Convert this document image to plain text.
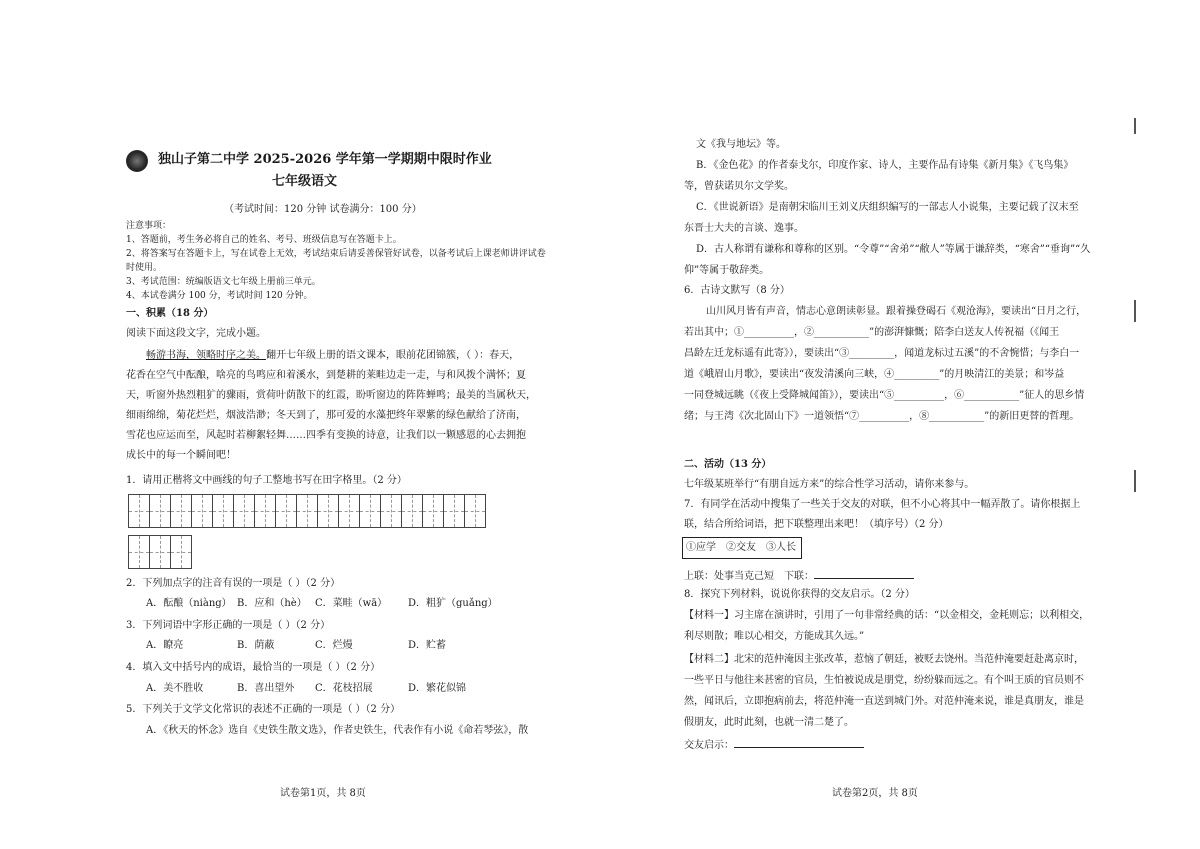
独山子第二中学 2025-2026 学年第一学期期中限时作业
七年级语文
（考试时间：120 分钟 试卷满分：100 分）
注意事项：
1、答题前，考生务必将自己的姓名、考号、班级信息写在答题卡上。
2、将答案写在答题卡上，写在试卷上无效，考试结束后请妥善保管好试卷，以备考试后上课老师讲评试卷
时使用。
3、考试范围：统编版语文七年级上册前三单元。
4、本试卷满分 100 分，考试时间 120 分钟。
一、积累（18 分）
阅读下面这段文字，完成小题。
畅游书海，领略时序之美。翻开七年级上册的语文课本，眼前花团锦簇，（ ）：春天，
花香在空气中酝酿，啥亮的鸟鸣应和着溪水，到楚耕的莱畦边走一走，与和风拨个满怀；夏
天，听窗外热烈粗犷的骤雨，赏荷叶荫散下的红霞，盼听窗边的阵阵蝉鸣；最美的当属秋天，
细雨绵绵，菊花烂烂，烟波浩渺；冬天到了，那可爱的水藻把终年翠紫的绿色献给了济南，
雪花也应运而至，风起时若柳絮轻舞……四季有变换的诗意，让我们以一颗感恩的心去拥抱
成长中的每一个瞬间吧！
1．请用正楷将文中画线的句子工整地书写在田字格里。（2 分）
2．下列加点字的注音有误的一项是（ ）（2 分）
A．酝酿（niàng） B．应和（hè） C．菜畦（wā） D．粗犷（guǎng）
3．下列词语中字形正确的一项是（ ）（2 分）
A．瞭亮	B．荫蔽	C．烂熳	D．贮蓄
4．填入文中括号内的成语，最恰当的一项是（ ）（2 分）
A．美不胜收	B．喜出望外 C．花枝招展	D．繁花似锦
5．下列关于文学文化常识的表述不正确的一项是（ ）（2 分）
A．《秋天的怀念》选自《史铁生散文选》，作者史铁生，代表作有小说《命若琴弦》，散
试卷第1页，共 8页
文《我与地坛》等。
B．《金色花》的作者泰戈尔，印度作家、诗人，主要作品有诗集《新月集》《飞鸟集》
等，曾获诺贝尔文学奖。
C．《世说新语》是南朝宋临川王刘义庆组织编写的一部志人小说集，主要记载了汉末至
东晋士大夫的言谈、逸事。
D．古人称谓有谦称和尊称的区别。“令尊”“舍弟”“敝人”等属于谦辞类，“寒舍”“垂询”“久
仰”等属于敬辞类。
6．古诗文默写（8 分）
山川风月皆有声音，情志心意朗读彰显。跟着操登碣石《观沧海》，要读出“日月之行，
若出其中；①__________，②___________”的澎湃慷慨；陪李白送友人传祝福（《闻王
昌龄左迁龙标遥有此寄》），要读出“③_________，闻道龙标过五溪”的不舍惋惜；与李白一
道《峨眉山月歌》，要读出“夜发清溪向三峡，④_________”的月映清江的美景；和岑益
一同登城远眺（《夜上受降城闻笛》），要读出“⑤__________，⑥___________”征人的思乡情
绪；与王湾《次北固山下》一道领悟“⑦__________，⑧___________”的新旧更替的哲理。
二、活动（13 分）
七年级某班举行“有朋自远方来”的综合性学习活动，请你来参与。
7．有同学在活动中搜集了一些关于交友的对联，但不小心将其中一幅弄散了。请你根据上
联，结合所给词语，把下联整理出来吧！（填序号）（2 分）
①应学　②交友　③人长
上联：处事当克己短　下联：
8．探究下列材料，说说你获得的交友启示。（2 分）
【材料一】习主席在演讲时，引用了一句非常经典的话：“以金相交，金耗则忘；以利相交，
利尽则散；唯以心相交，方能成其久远。”
【材料二】北宋的范仲淹因主张改革，惹恼了朝廷，被贬去饶州。当范仲淹要赶赴离京时，
一些平日与他往来甚密的官员，生怕被说成是朋党，纷纷躲而远之。有个叫王质的官员则不
然，闻讯后，立即抱病前去，将范仲淹一直送到城门外。对范仲淹来说，谁是真朋友，谁是
假朋友，此时此刻，也就一清二楚了。
交友启示：
试卷第2页，共 8页
